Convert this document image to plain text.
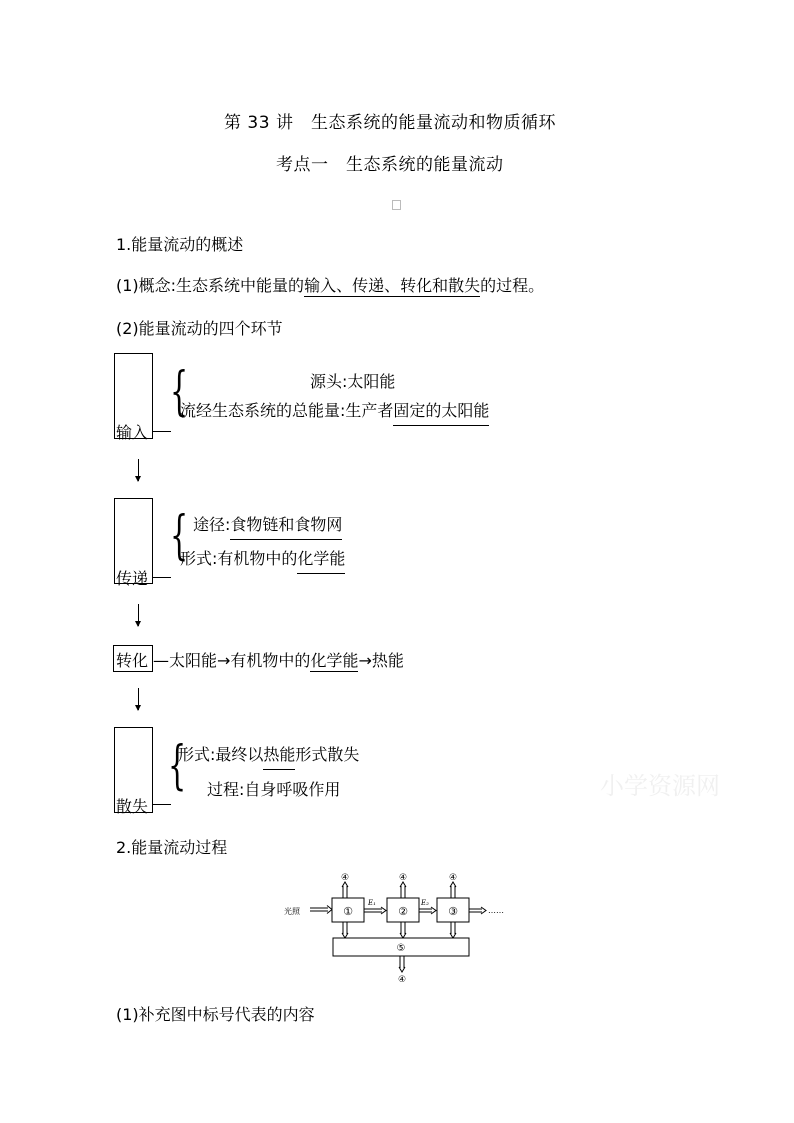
第 33 讲　生态系统的能量流动和物质循环
考点一　生态系统的能量流动
1.能量流动的概述
(1)概念:生态系统中能量的输入、传递、转化和散失的过程。
(2)能量流动的四个环节
输入
{	源头:太阳能
流经生态系统的总能量:生产者固定的太阳能
传递
{ 途径:食物链和食物网
形式:有机物中的化学能
转化 —太阳能→有机物中的化学能→热能
散失
{
形式:最终以热能形式散失
过程:自身呼吸作用	小学资源网
2.能量流动过程
光照	①	②	③
E₁	E₂
……
④	④	④
⑤
④
(1)补充图中标号代表的内容
